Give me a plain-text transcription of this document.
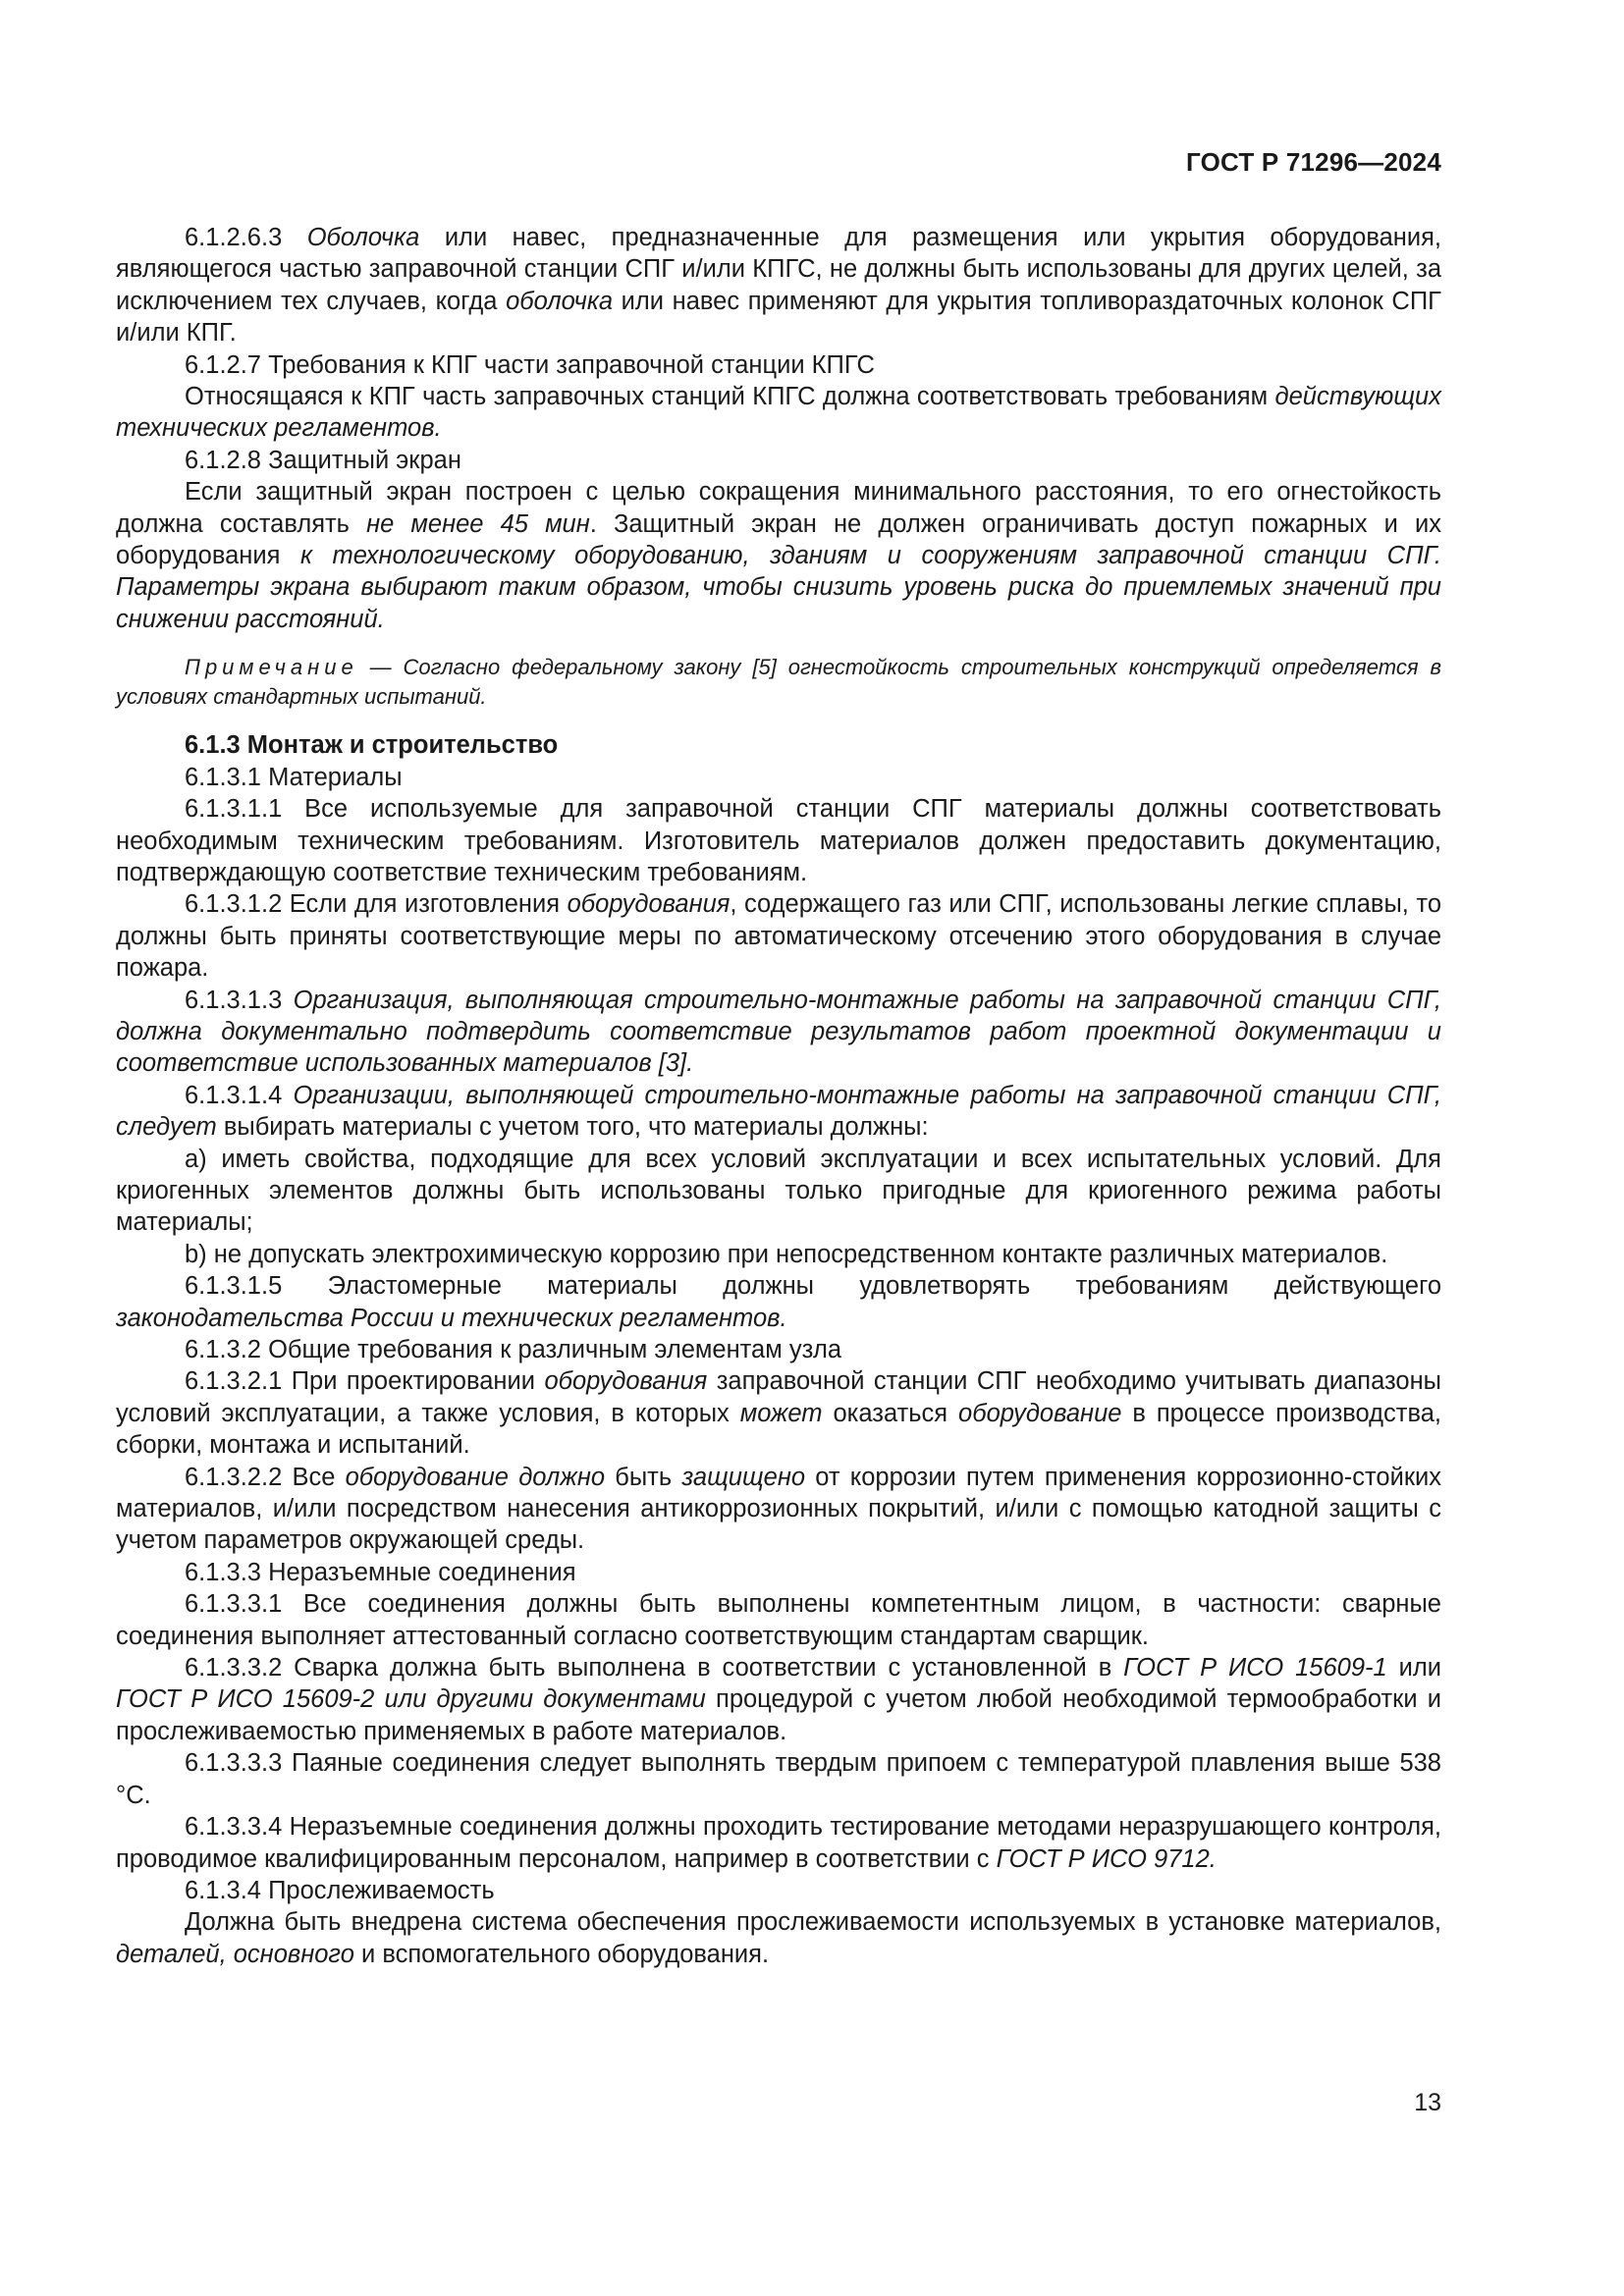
ГОСТ Р 71296—2024

6.1.2.6.3 Оболочка или навес, предназначенные для размещения или укрытия оборудования, являющегося частью заправочной станции СПГ и/или КПГС, не должны быть использованы для других целей, за исключением тех случаев, когда оболочка или навес применяют для укрытия топливораздаточных колонок СПГ и/или КПГ.

6.1.2.7 Требования к КПГ части заправочной станции КПГС

Относящаяся к КПГ часть заправочных станций КПГС должна соответствовать требованиям действующих технических регламентов.

6.1.2.8 Защитный экран

Если защитный экран построен с целью сокращения минимального расстояния, то его огнестойкость должна составлять не менее 45 мин. Защитный экран не должен ограничивать доступ пожарных и их оборудования к технологическому оборудованию, зданиям и сооружениям заправочной станции СПГ. Параметры экрана выбирают таким образом, чтобы снизить уровень риска до приемлемых значений при снижении расстояний.

Примечание — Согласно федеральному закону [5] огнестойкость строительных конструкций определяется в условиях стандартных испытаний.

6.1.3 Монтаж и строительство

6.1.3.1 Материалы

6.1.3.1.1 Все используемые для заправочной станции СПГ материалы должны соответствовать необходимым техническим требованиям. Изготовитель материалов должен предоставить документацию, подтверждающую соответствие техническим требованиям.

6.1.3.1.2 Если для изготовления оборудования, содержащего газ или СПГ, использованы легкие сплавы, то должны быть приняты соответствующие меры по автоматическому отсечению этого оборудования в случае пожара.

6.1.3.1.3 Организация, выполняющая строительно-монтажные работы на заправочной станции СПГ, должна документально подтвердить соответствие результатов работ проектной документации и соответствие использованных материалов [3].

6.1.3.1.4 Организации, выполняющей строительно-монтажные работы на заправочной станции СПГ, следует выбирать материалы с учетом того, что материалы должны:

а) иметь свойства, подходящие для всех условий эксплуатации и всех испытательных условий. Для криогенных элементов должны быть использованы только пригодные для криогенного режима работы материалы;

b) не допускать электрохимическую коррозию при непосредственном контакте различных материалов.

6.1.3.1.5 Эластомерные материалы должны удовлетворять требованиям действующего законодательства России и технических регламентов.

6.1.3.2 Общие требования к различным элементам узла

6.1.3.2.1 При проектировании оборудования заправочной станции СПГ необходимо учитывать диапазоны условий эксплуатации, а также условия, в которых может оказаться оборудование в процессе производства, сборки, монтажа и испытаний.

6.1.3.2.2 Все оборудование должно быть защищено от коррозии путем применения коррозионно-стойких материалов, и/или посредством нанесения антикоррозионных покрытий, и/или с помощью катодной защиты с учетом параметров окружающей среды.

6.1.3.3 Неразъемные соединения

6.1.3.3.1 Все соединения должны быть выполнены компетентным лицом, в частности: сварные соединения выполняет аттестованный согласно соответствующим стандартам сварщик.

6.1.3.3.2 Сварка должна быть выполнена в соответствии с установленной в ГОСТ Р ИСО 15609-1 или ГОСТ Р ИСО 15609-2 или другими документами процедурой с учетом любой необходимой термообработки и прослеживаемостью применяемых в работе материалов.

6.1.3.3.3 Паяные соединения следует выполнять твердым припоем с температурой плавления выше 538 °С.

6.1.3.3.4 Неразъемные соединения должны проходить тестирование методами неразрушающего контроля, проводимое квалифицированным персоналом, например в соответствии с ГОСТ Р ИСО 9712.

6.1.3.4 Прослеживаемость

Должна быть внедрена система обеспечения прослеживаемости используемых в установке материалов, деталей, основного и вспомогательного оборудования.

13
